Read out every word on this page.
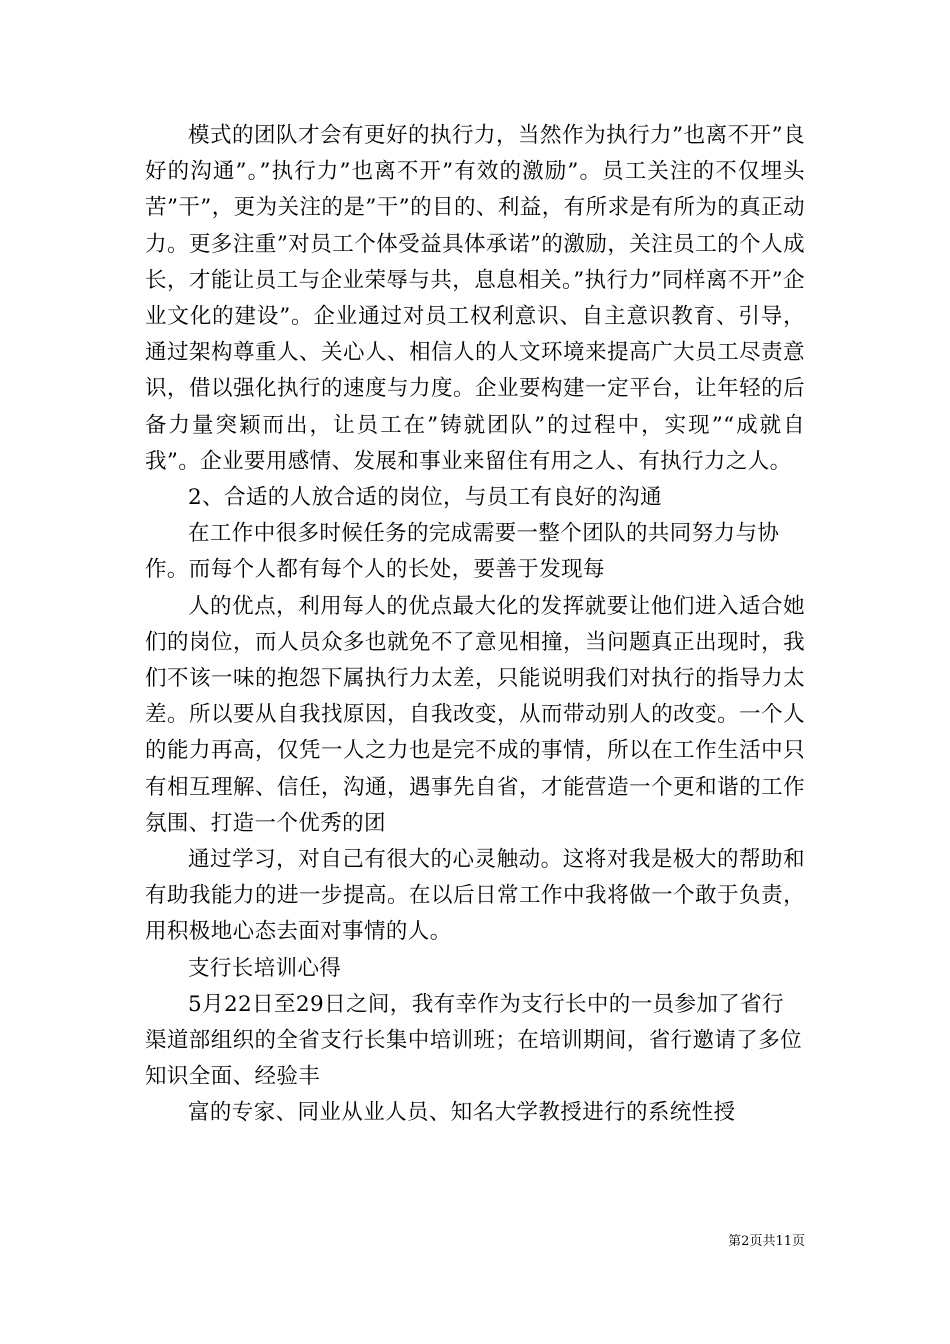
模式的团队才会有更好的执行力，当然作为执行力”也离不开”良好的沟通”。”执行力”也离不开”有效的激励”。员工关注的不仅埋头苦”干”，更为关注的是”干”的目的、利益，有所求是有所为的真正动力。更多注重”对员工个体受益具体承诺”的激励，关注员工的个人成长，才能让员工与企业荣辱与共，息息相关。”执行力”同样离不开”企业文化的建设”。企业通过对员工权利意识、自主意识教育、引导，通过架构尊重人、关心人、相信人的人文环境来提高广大员工尽责意识，借以强化执行的速度与力度。企业要构建一定平台，让年轻的后备力量突颖而出，让员工在”铸就团队”的过程中，实现”“成就自我”。企业要用感情、发展和事业来留住有用之人、有执行力之人。

2、合适的人放合适的岗位，与员工有良好的沟通

在工作中很多时候任务的完成需要一整个团队的共同努力与协作。而每个人都有每个人的长处，要善于发现每

人的优点，利用每人的优点最大化的发挥就要让他们进入适合她们的岗位，而人员众多也就免不了意见相撞，当问题真正出现时，我们不该一味的抱怨下属执行力太差，只能说明我们对执行的指导力太差。所以要从自我找原因，自我改变，从而带动别人的改变。一个人的能力再高，仅凭一人之力也是完不成的事情，所以在工作生活中只有相互理解、信任，沟通，遇事先自省，才能营造一个更和谐的工作氛围、打造一个优秀的团

通过学习，对自己有很大的心灵触动。这将对我是极大的帮助和有助我能力的进一步提高。在以后日常工作中我将做一个敢于负责，用积极地心态去面对事情的人。

支行长培训心得

5月22日至29日之间，我有幸作为支行长中的一员参加了省行渠道部组织的全省支行长集中培训班；在培训期间，省行邀请了多位知识全面、经验丰

富的专家、同业从业人员、知名大学教授进行的系统性授

第2页共11页
